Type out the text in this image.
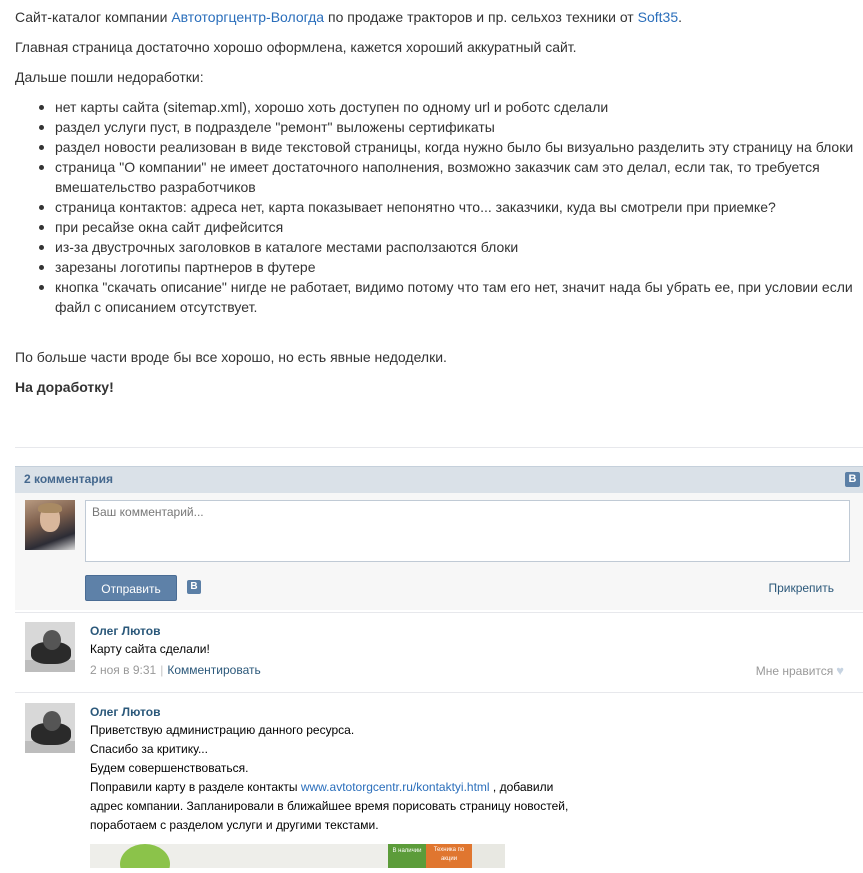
Сайт-каталог компании Автоторгцентр-Вологда по продаже тракторов и пр. сельхоз техники от Soft35.

Главная страница достаточно хорошо оформлена, кажется хороший аккуратный сайт.

Дальше пошли недоработки:

нет карты сайта (sitemap.xml), хорошо хоть доступен по одному url и роботс сделали
раздел услуги пуст, в подразделе "ремонт" выложены сертификаты
раздел новости реализован в виде текстовой страницы, когда нужно было бы визуально разделить эту страницу на блоки
страница "О компании" не имеет достаточного наполнения, возможно заказчик сам это делал, если так, то требуется вмешательство разработчиков
страница контактов: адреса нет, карта показывает непонятно что... заказчики, куда вы смотрели при приемке?
при ресайзе окна сайт дифейсится
из-за двустрочных заголовков в каталоге местами расползаются блоки
зарезаны логотипы партнеров в футере
кнопка "скачать описание" нигде не работает, видимо потому что там его нет, значит нада бы убрать ее, при условии если файл с описанием отсутствует.

По больше части вроде бы все хорошо, но есть явные недоделки.

На доработку!

2 комментария	B
Ваш комментарий...
Отправить	B	Прикрепить
Олег Лютов
Карту сайта сделали!
2 ноя в 9:31 | Комментировать	Мне нравится ♥
Олег Лютов
Приветствую администрацию данного ресурса.
Спасибо за критику...
Будем совершенствоваться.
Поправили карту в разделе контакты www.avtotorgcentr.ru/kontaktyi.html , добавили
адрес компании. Запланировали в ближайшее время порисовать страницу новостей,
поработаем с разделом услуги и другими текстами.
В наличии	Техника по акции
